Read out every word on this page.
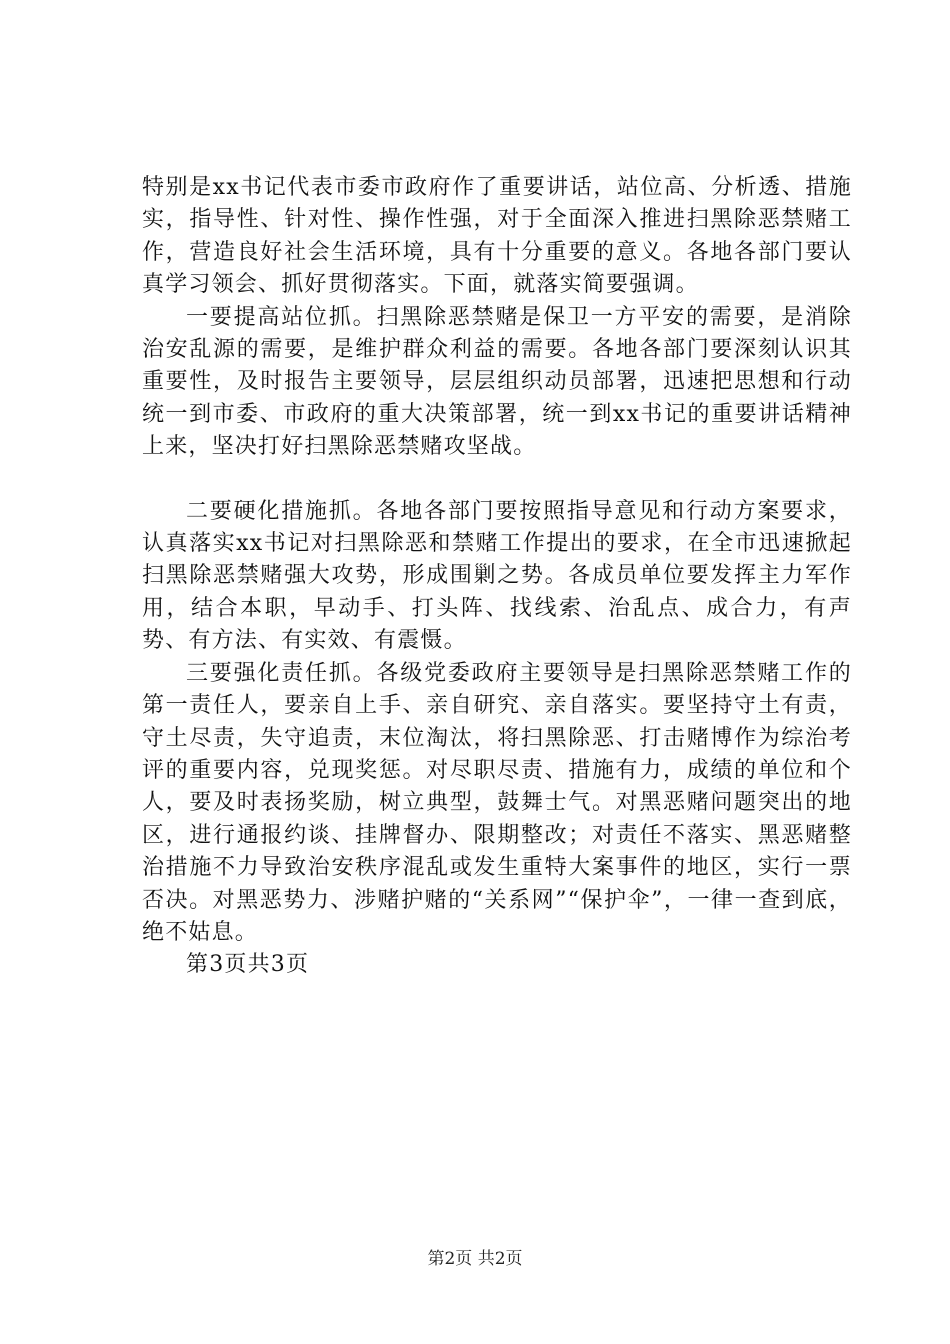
特别是xx书记代表市委市政府作了重要讲话，站位高、分析透、措施实，指导性、针对性、操作性强，对于全面深入推进扫黑除恶禁赌工作，营造良好社会生活环境，具有十分重要的意义。各地各部门要认真学习领会、抓好贯彻落实。下面，就落实简要强调。

一要提高站位抓。扫黑除恶禁赌是保卫一方平安的需要，是消除治安乱源的需要，是维护群众利益的需要。各地各部门要深刻认识其重要性，及时报告主要领导，层层组织动员部署，迅速把思想和行动统一到市委、市政府的重大决策部署，统一到xx书记的重要讲话精神上来，坚决打好扫黑除恶禁赌攻坚战。

二要硬化措施抓。各地各部门要按照指导意见和行动方案要求，认真落实xx书记对扫黑除恶和禁赌工作提出的要求，在全市迅速掀起扫黑除恶禁赌强大攻势，形成围剿之势。各成员单位要发挥主力军作用，结合本职，早动手、打头阵、找线索、治乱点、成合力，有声势、有方法、有实效、有震慑。

三要强化责任抓。各级党委政府主要领导是扫黑除恶禁赌工作的第一责任人，要亲自上手、亲自研究、亲自落实。要坚持守土有责，守土尽责，失守追责，末位淘汰，将扫黑除恶、打击赌博作为综治考评的重要内容，兑现奖惩。对尽职尽责、措施有力，成绩的单位和个人，要及时表扬奖励，树立典型，鼓舞士气。对黑恶赌问题突出的地区，进行通报约谈、挂牌督办、限期整改；对责任不落实、黑恶赌整治措施不力导致治安秩序混乱或发生重特大案事件的地区，实行一票否决。对黑恶势力、涉赌护赌的“关系网”“保护伞”，一律一查到底，绝不姑息。

第3页共3页

第2页 共2页
